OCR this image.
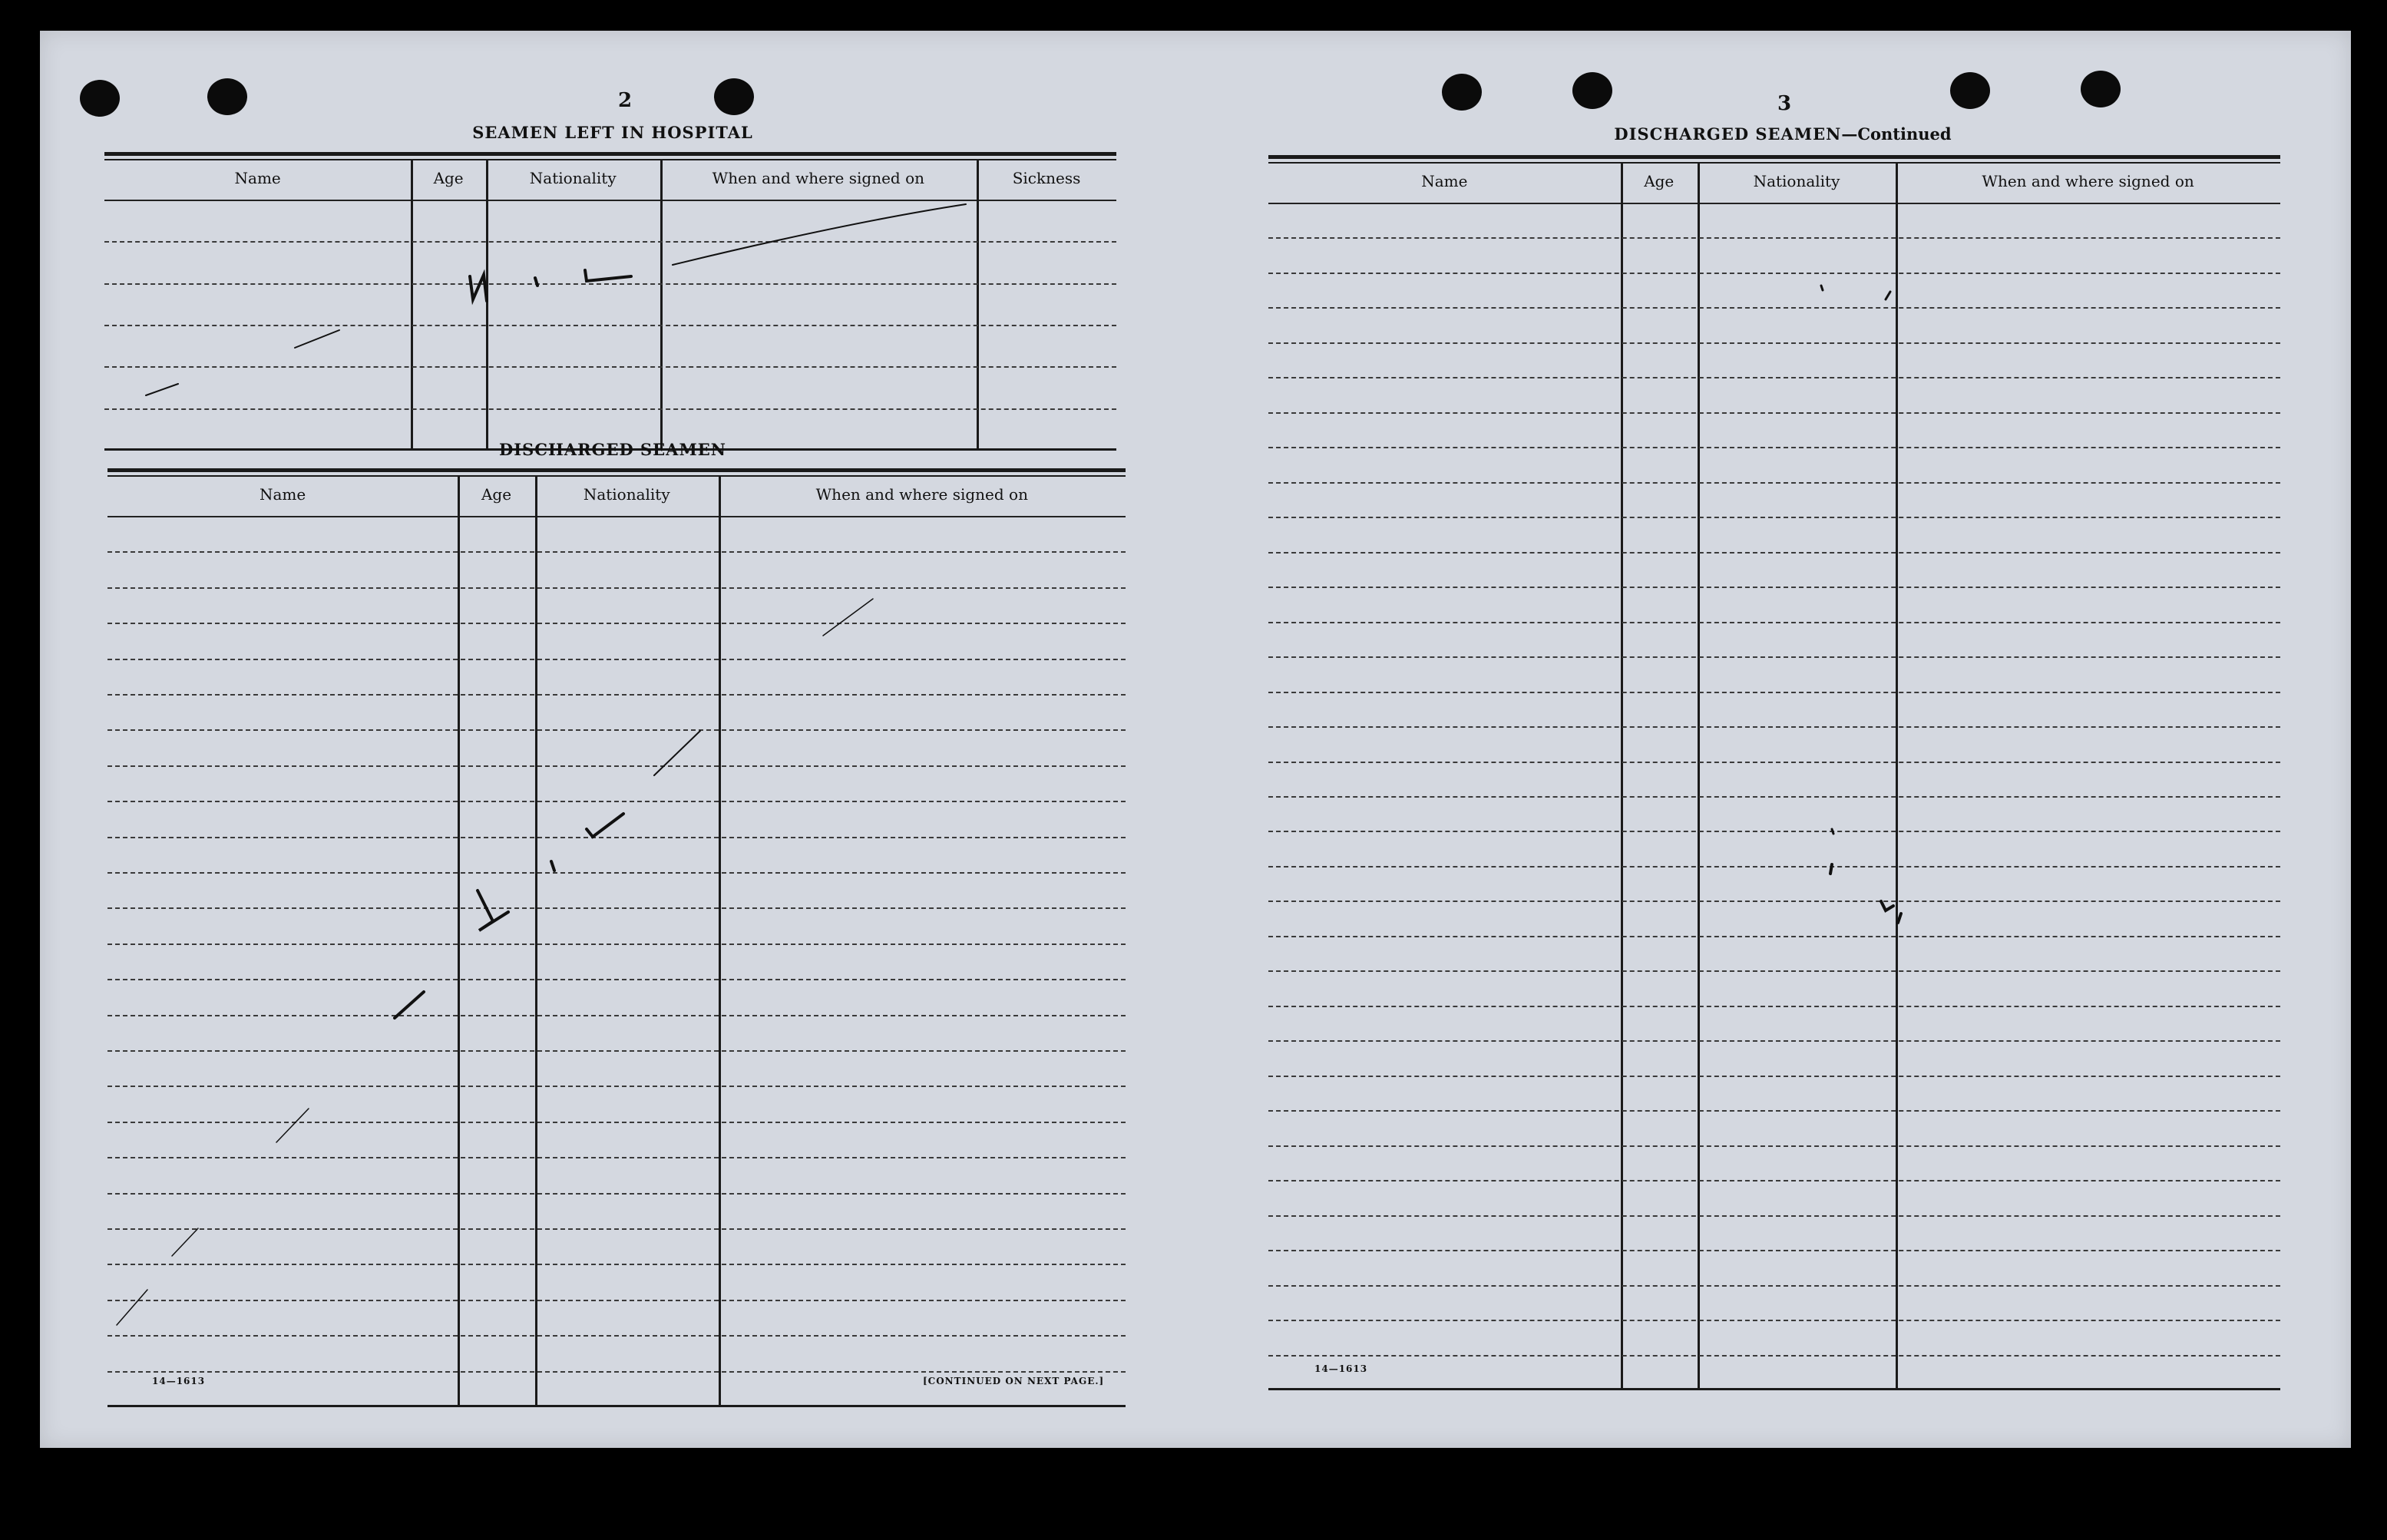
2
SEAMEN LEFT IN HOSPITAL
Name	Age	Nationality	When and where signed on	Sickness
DISCHARGED SEAMEN
Name	Age	Nationality	When and where signed on
14—1613	[CONTINUED ON NEXT PAGE.]
3
DISCHARGED SEAMEN—Continued
Name	Age	Nationality	When and where signed on
14—1613
